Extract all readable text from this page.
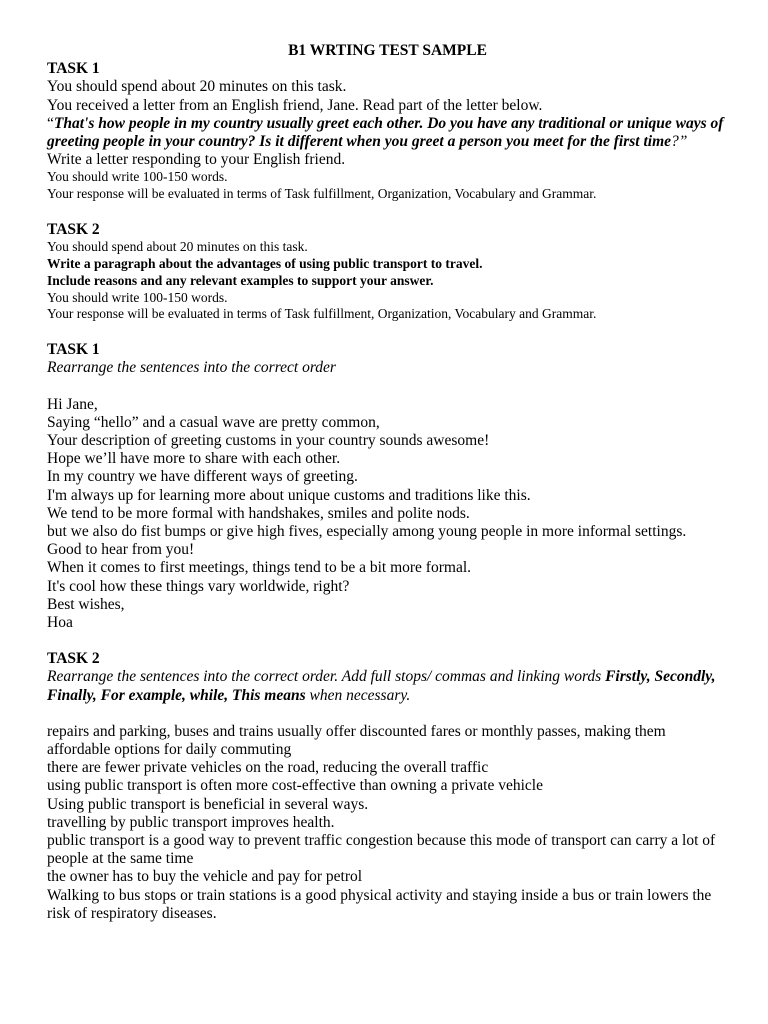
B1 WRTING TEST SAMPLE
TASK 1
You should spend about 20 minutes on this task.
You received a letter from an English friend, Jane. Read part of the letter below.
“That's how people in my country usually greet each other. Do you have any traditional or unique ways of greeting people in your country? Is it different when you greet a person you meet for the first time?”
Write a letter responding to your English friend.
You should write 100-150 words.
Your response will be evaluated in terms of Task fulfillment, Organization, Vocabulary and Grammar.
TASK 2
You should spend about 20 minutes on this task.
Write a paragraph about the advantages of using public transport to travel.
Include reasons and any relevant examples to support your answer.
You should write 100-150 words.
Your response will be evaluated in terms of Task fulfillment, Organization, Vocabulary and Grammar.
TASK 1
Rearrange the sentences into the correct order
Hi Jane,
Saying “hello” and a casual wave are pretty common,
Your description of greeting customs in your country sounds awesome!
Hope we’ll have more to share with each other.
In my country we have different ways of greeting.
I'm always up for learning more about unique customs and traditions like this.
We tend to be more formal with handshakes, smiles and polite nods.
but we also do fist bumps or give high fives, especially among young people in more informal settings.
Good to hear from you!
When it comes to first meetings, things tend to be a bit more formal.
It's cool how these things vary worldwide, right?
Best wishes,
Hoa
TASK 2
Rearrange the sentences into the correct order. Add full stops/ commas and linking words Firstly, Secondly, Finally, For example, while, This means when necessary.
repairs and parking, buses and trains usually offer discounted fares or monthly passes, making them affordable options for daily commuting
there are fewer private vehicles on the road, reducing the overall traffic
using public transport is often more cost-effective than owning a private vehicle
Using public transport is beneficial in several ways.
travelling by public transport improves health.
public transport is a good way to prevent traffic congestion because this mode of transport can carry a lot of people at the same time
the owner has to buy the vehicle and pay for petrol
Walking to bus stops or train stations is a good physical activity and staying inside a bus or train lowers the risk of respiratory diseases.
